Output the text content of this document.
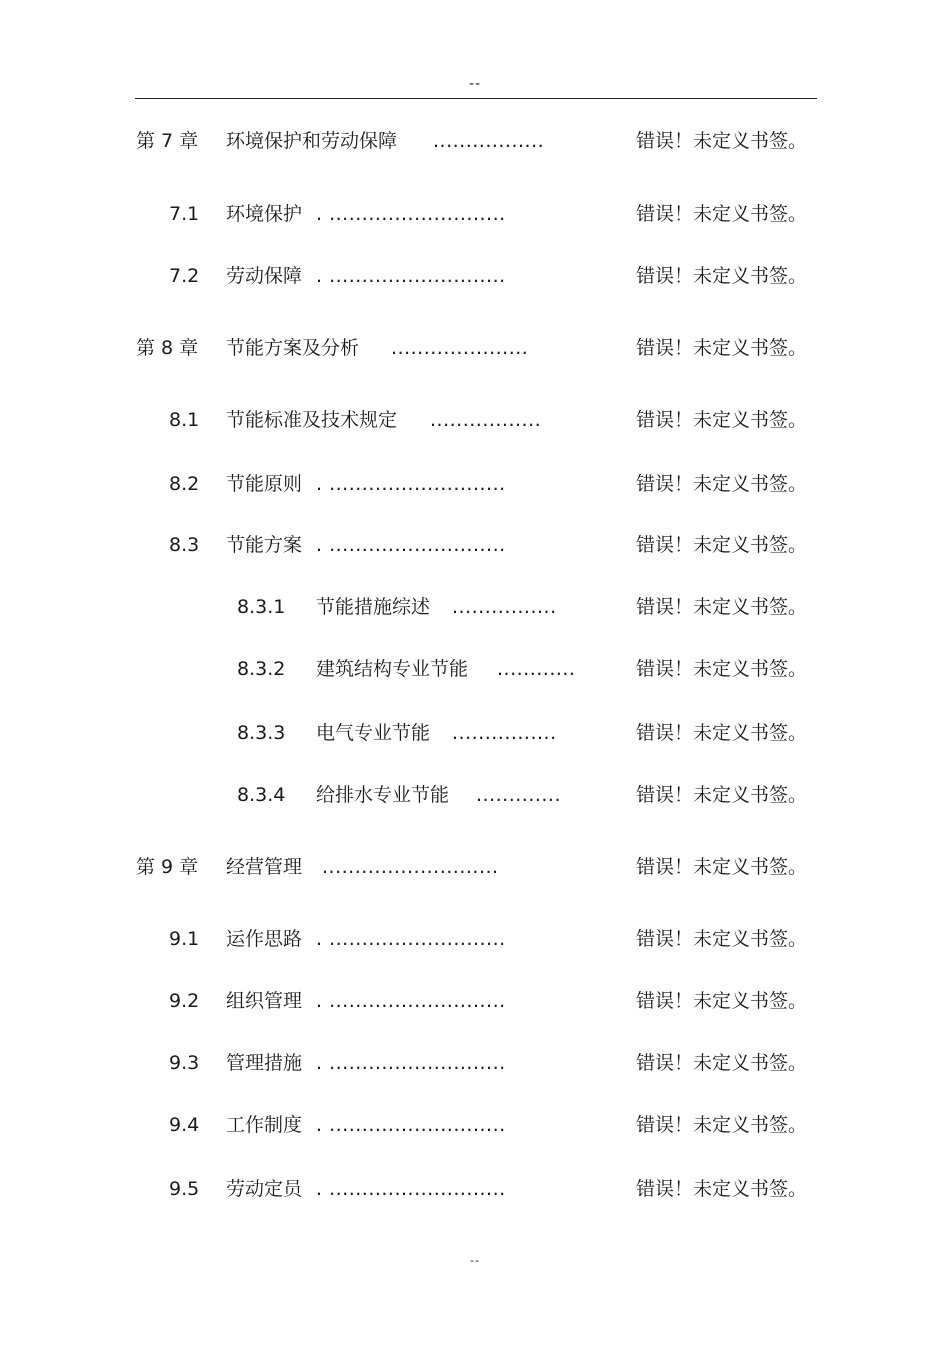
--
第 7 章 环境保护和劳动保障 .................	错误！未定义书签。
7.1 环境保护 . ...........................	错误！未定义书签。
7.2 劳动保障 . ...........................	错误！未定义书签。
第 8 章 节能方案及分析 .....................	错误！未定义书签。
8.1 节能标准及技术规定 .................	错误！未定义书签。
8.2 节能原则 . ...........................	错误！未定义书签。
8.3 节能方案 . ...........................	错误！未定义书签。
8.3.1 节能措施综述 ................	错误！未定义书签。
8.3.2 建筑结构专业节能 ............	错误！未定义书签。
8.3.3 电气专业节能 ................	错误！未定义书签。
8.3.4 给排水专业节能 .............	错误！未定义书签。
第 9 章 经营管理 ...........................	错误！未定义书签。
9.1 运作思路 . ...........................	错误！未定义书签。
9.2 组织管理 . ...........................	错误！未定义书签。
9.3 管理措施 . ...........................	错误！未定义书签。
9.4 工作制度 . ...........................	错误！未定义书签。
9.5 劳动定员 . ...........................	错误！未定义书签。
--
